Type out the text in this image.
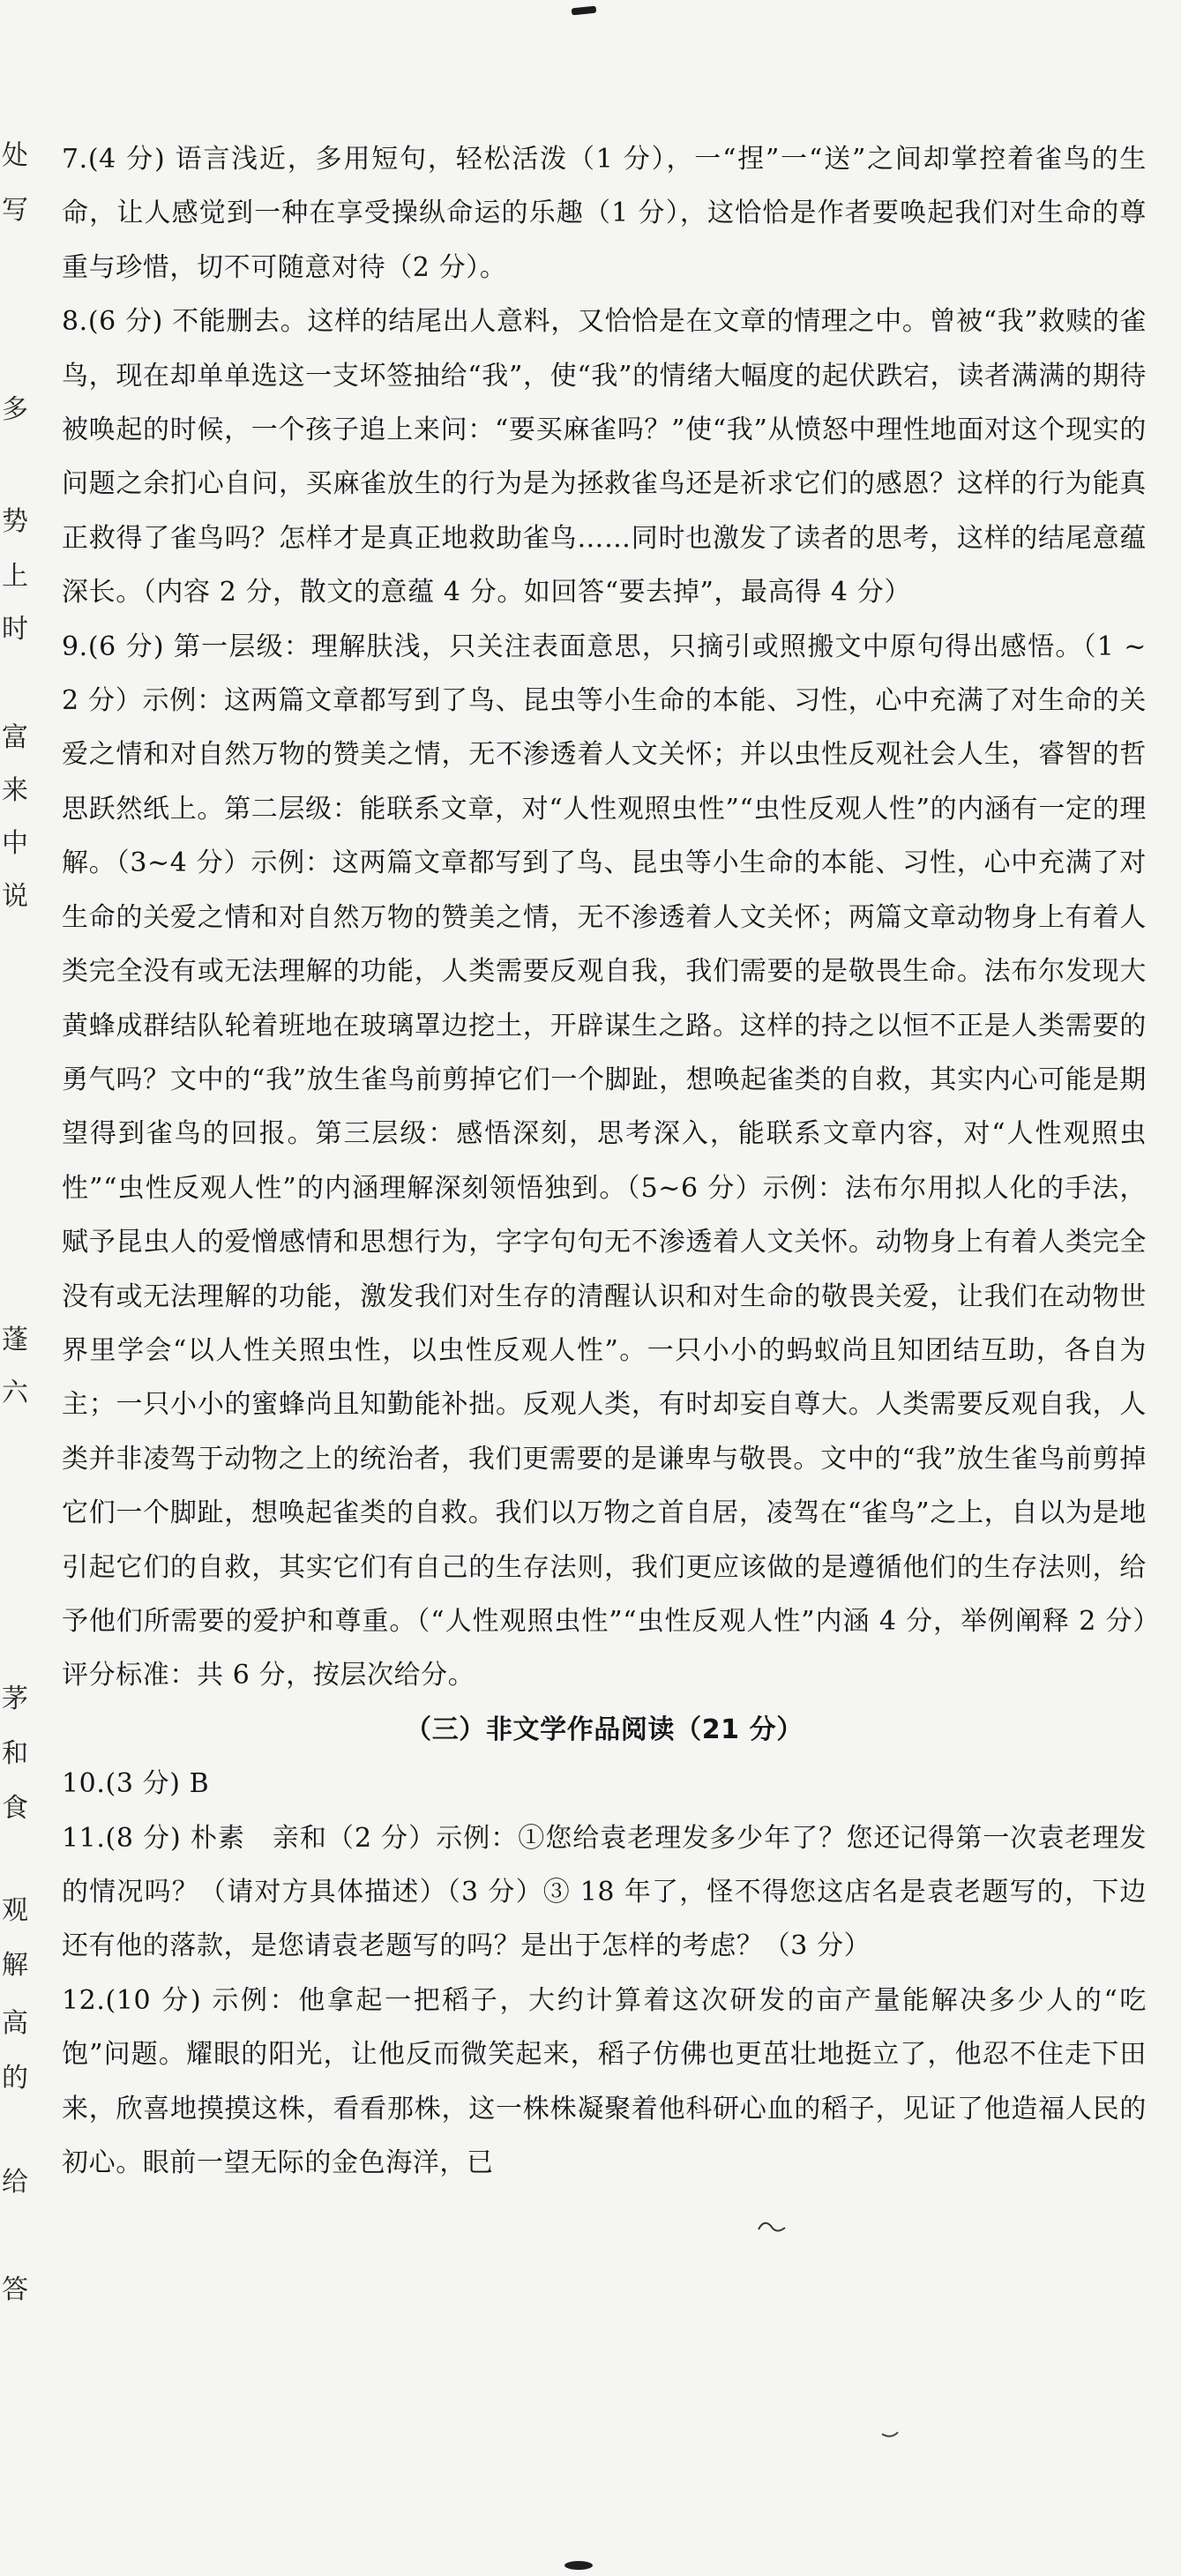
处
写
多
势
上
时
富
来
中
说
蓬
六
茅
和
食
观
解
高
的
给
答

7.(4 分) 语言浅近，多用短句，轻松活泼（1 分），一“捏”一“送”之间却掌控着雀鸟的生命，让人感觉到一种在享受操纵命运的乐趣（1 分），这恰恰是作者要唤起我们对生命的尊重与珍惜，切不可随意对待（2 分）。

8.(6 分) 不能删去。这样的结尾出人意料，又恰恰是在文章的情理之中。曾被“我”救赎的雀鸟，现在却单单选这一支坏签抽给“我”，使“我”的情绪大幅度的起伏跌宕，读者满满的期待被唤起的时候，一个孩子追上来问：“要买麻雀吗？”使“我”从愤怒中理性地面对这个现实的问题之余扪心自问，买麻雀放生的行为是为拯救雀鸟还是祈求它们的感恩？这样的行为能真正救得了雀鸟吗？怎样才是真正地救助雀鸟……同时也激发了读者的思考，这样的结尾意蕴深长。（内容 2 分，散文的意蕴 4 分。如回答“要去掉”，最高得 4 分）

9.(6 分) 第一层级：理解肤浅，只关注表面意思，只摘引或照搬文中原句得出感悟。（1 ~ 2 分）示例：这两篇文章都写到了鸟、昆虫等小生命的本能、习性，心中充满了对生命的关爱之情和对自然万物的赞美之情，无不渗透着人文关怀；并以虫性反观社会人生，睿智的哲思跃然纸上。第二层级：能联系文章，对“人性观照虫性”“虫性反观人性”的内涵有一定的理解。（3~4 分）示例：这两篇文章都写到了鸟、昆虫等小生命的本能、习性，心中充满了对生命的关爱之情和对自然万物的赞美之情，无不渗透着人文关怀；两篇文章动物身上有着人类完全没有或无法理解的功能，人类需要反观自我，我们需要的是敬畏生命。法布尔发现大黄蜂成群结队轮着班地在玻璃罩边挖土，开辟谋生之路。这样的持之以恒不正是人类需要的勇气吗？文中的“我”放生雀鸟前剪掉它们一个脚趾，想唤起雀类的自救，其实内心可能是期望得到雀鸟的回报。第三层级：感悟深刻，思考深入，能联系文章内容，对“人性观照虫性”“虫性反观人性”的内涵理解深刻领悟独到。（5~6 分）示例：法布尔用拟人化的手法，赋予昆虫人的爱憎感情和思想行为，字字句句无不渗透着人文关怀。动物身上有着人类完全没有或无法理解的功能，激发我们对生存的清醒认识和对生命的敬畏关爱，让我们在动物世界里学会“以人性关照虫性，以虫性反观人性”。一只小小的蚂蚁尚且知团结互助，各自为主；一只小小的蜜蜂尚且知勤能补拙。反观人类，有时却妄自尊大。人类需要反观自我，人类并非凌驾于动物之上的统治者，我们更需要的是谦卑与敬畏。文中的“我”放生雀鸟前剪掉它们一个脚趾，想唤起雀类的自救。我们以万物之首自居，凌驾在“雀鸟”之上，自以为是地引起它们的自救，其实它们有自己的生存法则，我们更应该做的是遵循他们的生存法则，给予他们所需要的爱护和尊重。（“人性观照虫性”“虫性反观人性”内涵 4 分，举例阐释 2 分）评分标准：共 6 分，按层次给分。

（三）非文学作品阅读（21 分）

10.(3 分) B

11.(8 分) 朴素　亲和（2 分）示例：①您给袁老理发多少年了？您还记得第一次袁老理发的情况吗？（请对方具体描述）（3 分）③ 18 年了，怪不得您这店名是袁老题写的，下边还有他的落款，是您请袁老题写的吗？是出于怎样的考虑？（3 分）

12.(10 分) 示例：他拿起一把稻子，大约计算着这次研发的亩产量能解决多少人的“吃饱”问题。耀眼的阳光，让他反而微笑起来，稻子仿佛也更茁壮地挺立了，他忍不住走下田来，欣喜地摸摸这株，看看那株，这一株株凝聚着他科研心血的稻子，见证了他造福人民的初心。眼前一望无际的金色海洋，已
